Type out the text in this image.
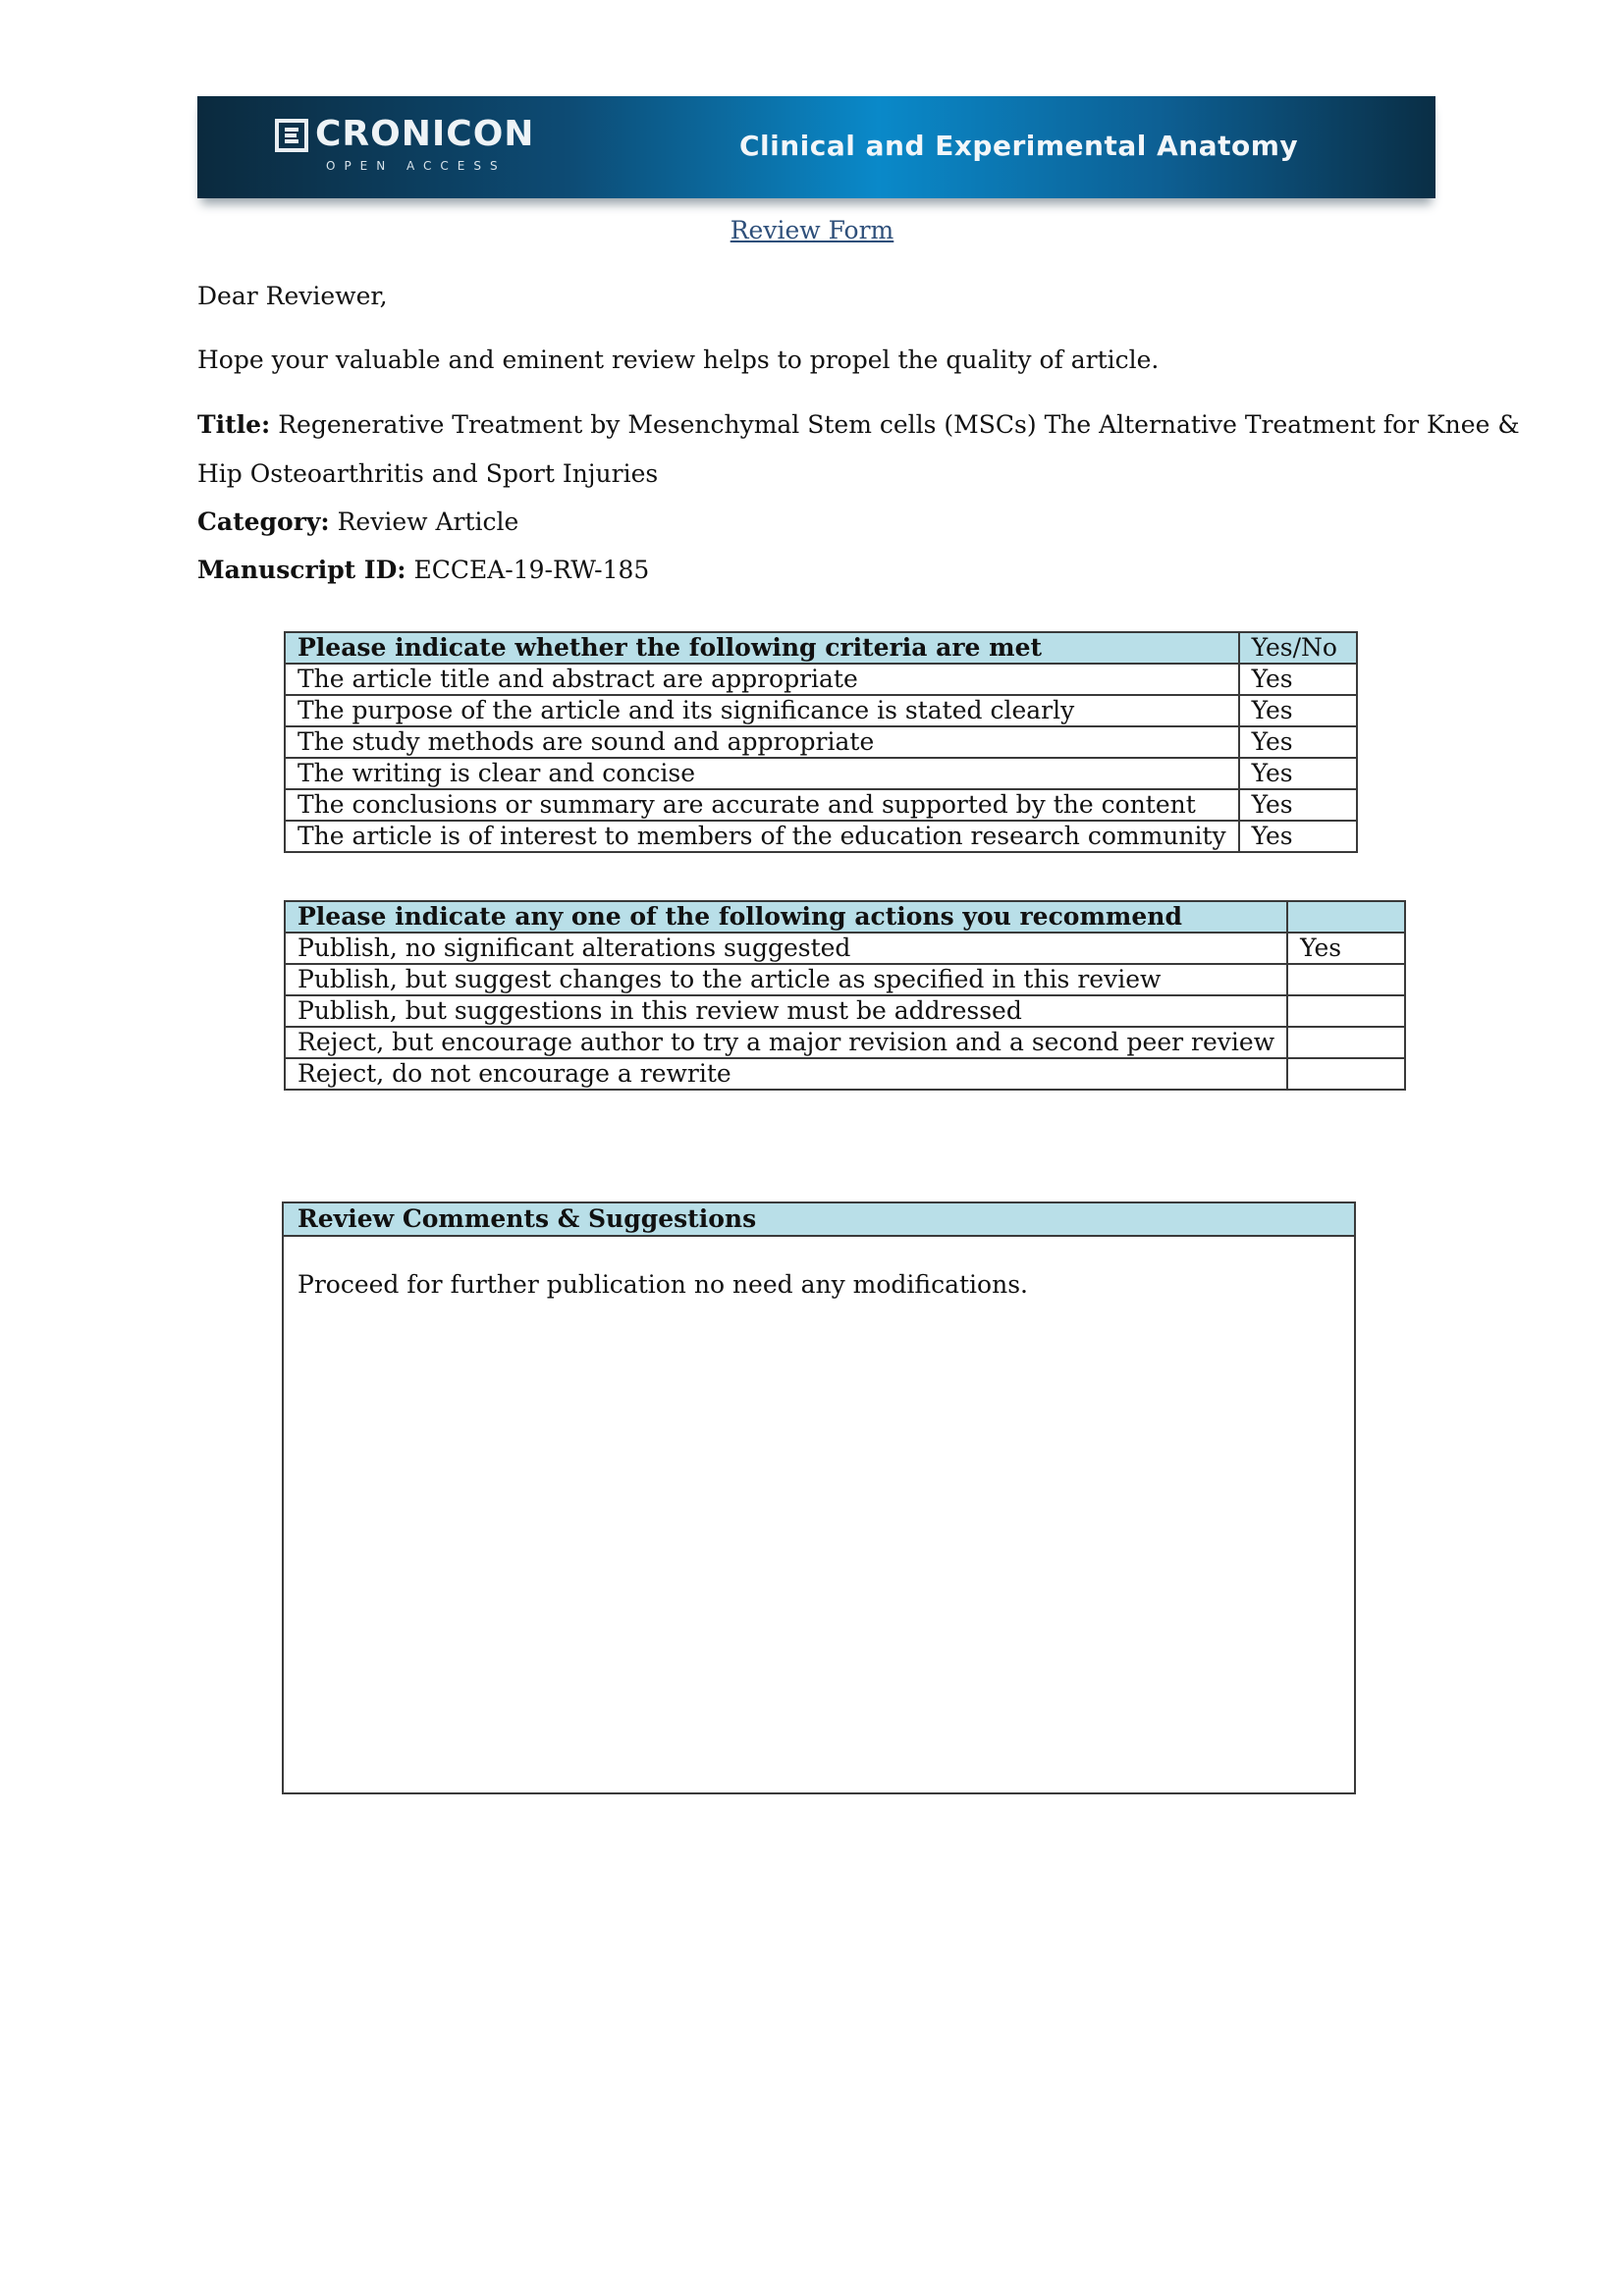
CRONICON
OPEN ACCESS
Clinical and Experimental Anatomy
Review Form
Dear Reviewer,
Hope your valuable and eminent review helps to propel the quality of article.
Title: Regenerative Treatment by Mesenchymal Stem cells (MSCs) The Alternative Treatment for Knee &
Hip Osteoarthritis and Sport Injuries
Category: Review Article
Manuscript ID: ECCEA-19-RW-185
Please indicate whether the following criteria are met	Yes/No
The article title and abstract are appropriate	Yes
The purpose of the article and its significance is stated clearly	Yes
The study methods are sound and appropriate	Yes
The writing is clear and concise	Yes
The conclusions or summary are accurate and supported by the content	Yes
The article is of interest to members of the education research community	Yes
Please indicate any one of the following actions you recommend	
Publish, no significant alterations suggested	Yes
Publish, but suggest changes to the article as specified in this review	
Publish, but suggestions in this review must be addressed	
Reject, but encourage author to try a major revision and a second peer review	
Reject, do not encourage a rewrite	
Review Comments & Suggestions
Proceed for further publication no need any modifications.
